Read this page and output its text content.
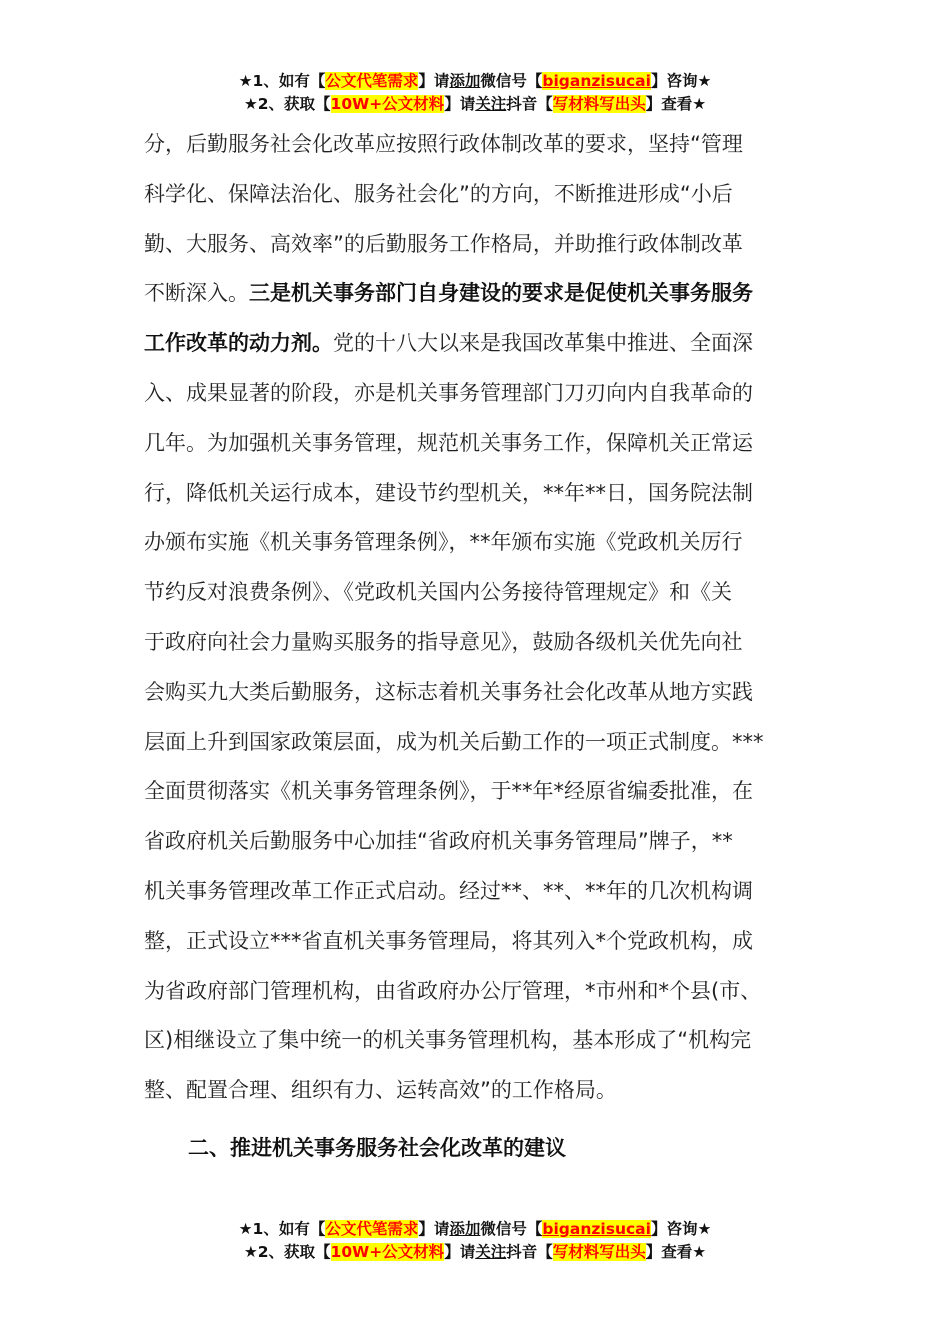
★1、如有【公文代笔需求】请添加微信号【biganzisucai】咨询★
★2、获取【10W+公文材料】请关注抖音【写材料写出头】查看★

分，后勤服务社会化改革应按照行政体制改革的要求，坚持“管理

科学化、保障法治化、服务社会化”的方向，不断推进形成“小后

勤、大服务、高效率”的后勤服务工作格局，并助推行政体制改革

不断深入。三是机关事务部门自身建设的要求是促使机关事务服务

工作改革的动力剂。党的十八大以来是我国改革集中推进、全面深

入、成果显著的阶段，亦是机关事务管理部门刀刃向内自我革命的

几年。为加强机关事务管理，规范机关事务工作，保障机关正常运

行，降低机关运行成本，建设节约型机关，**年**日，国务院法制

办颁布实施《机关事务管理条例》，**年颁布实施《党政机关厉行

节约反对浪费条例》、《党政机关国内公务接待管理规定》和《关

于政府向社会力量购买服务的指导意见》，鼓励各级机关优先向社

会购买九大类后勤服务，这标志着机关事务社会化改革从地方实践

层面上升到国家政策层面，成为机关后勤工作的一项正式制度。***

全面贯彻落实《机关事务管理条例》，于**年*经原省编委批准，在

省政府机关后勤服务中心加挂“省政府机关事务管理局”牌子，**

机关事务管理改革工作正式启动。经过**、**、**年的几次机构调

整，正式设立***省直机关事务管理局，将其列入*个党政机构，成

为省政府部门管理机构，由省政府办公厅管理，*市州和*个县(市、

区)相继设立了集中统一的机关事务管理机构，基本形成了“机构完

整、配置合理、组织有力、运转高效”的工作格局。

二、推进机关事务服务社会化改革的建议
★1、如有【公文代笔需求】请添加微信号【biganzisucai】咨询★
★2、获取【10W+公文材料】请关注抖音【写材料写出头】查看★
